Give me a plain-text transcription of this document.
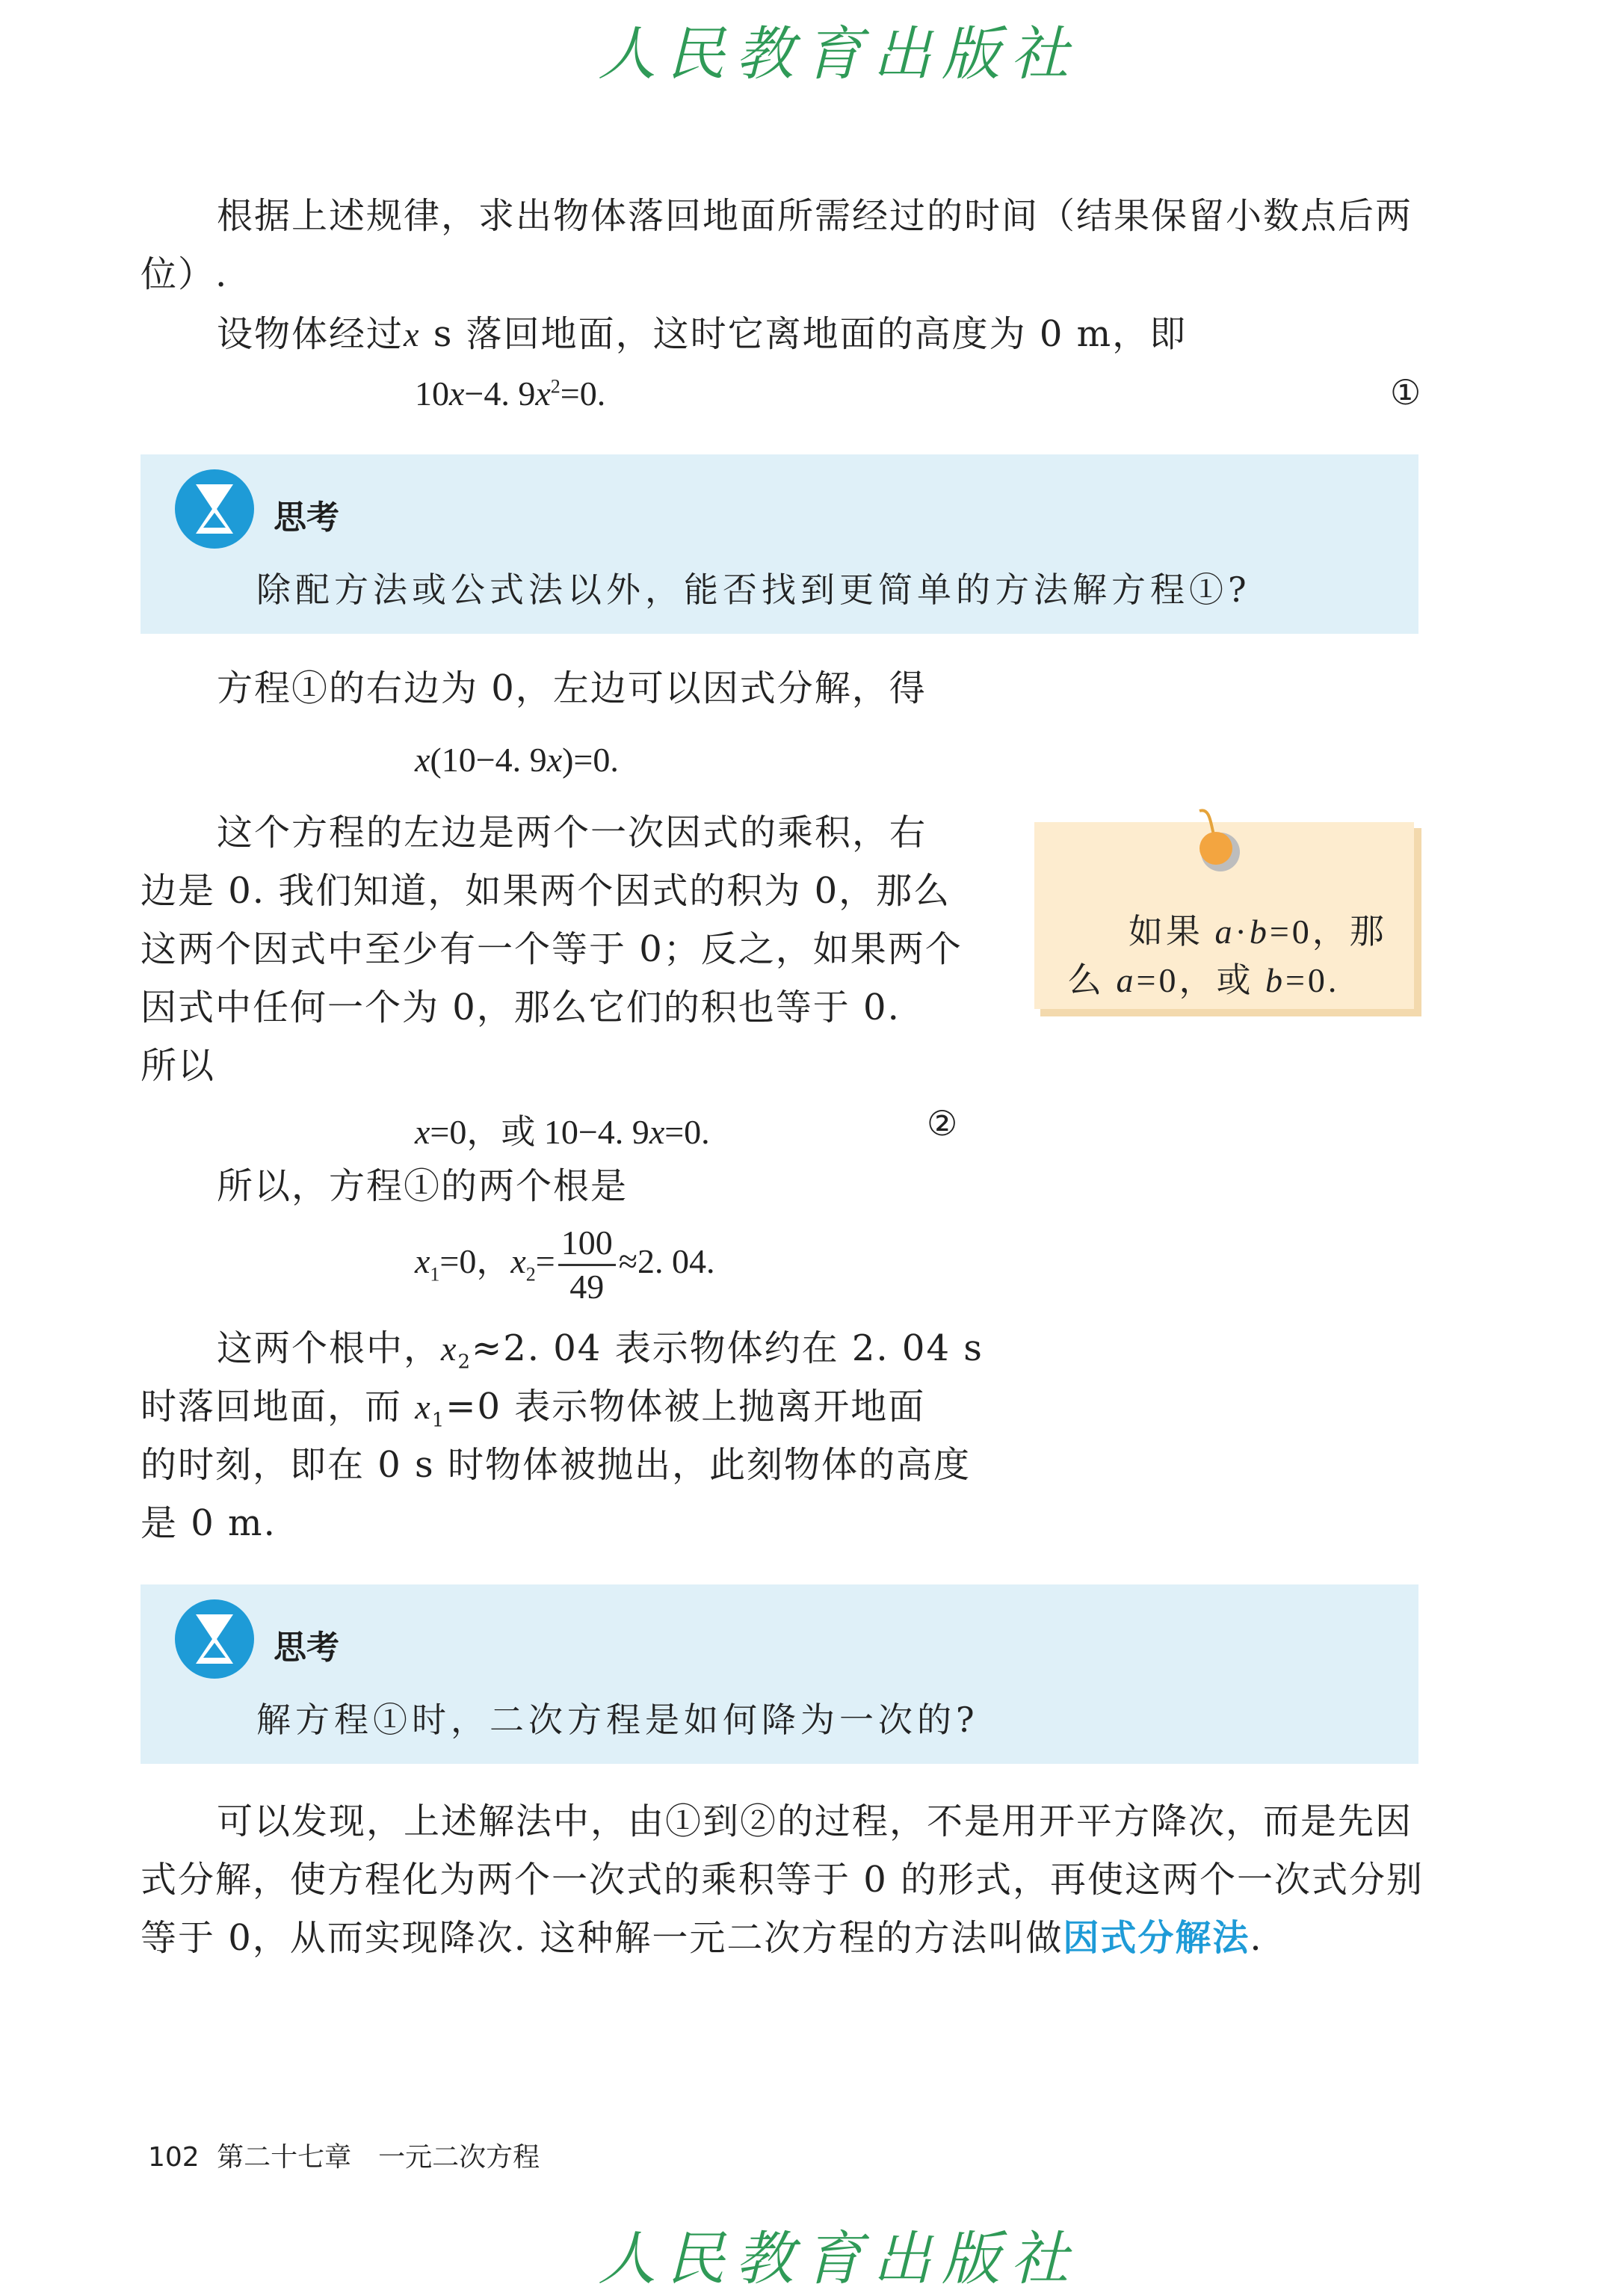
人民教育出版社
根据上述规律，求出物体落回地面所需经过的时间（结果保留小数点后两
位）.
设物体经过x s 落回地面，这时它离地面的高度为 0 m，即
10x−4. $9x^2=0$.	①
思考
除配方法或公式法以外，能否找到更简单的方法解方程①?
方程①的右边为 0，左边可以因式分解，得
x(10−4. 9x)=0.
这个方程的左边是两个一次因式的乘积，右
边是 0. 我们知道，如果两个因式的积为 0，那么
这两个因式中至少有一个等于 0；反之，如果两个
因式中任何一个为 0，那么它们的积也等于 0.
所以
如果 a·b=0，那
么 a=0，或 b=0.
x=0，或 10−4. 9x=0.	②
所以，方程①的两个根是
$x_1=0$，$x_2= \frac{100}{49} \approx 2$. 04.
这两个根中，$x_2\approx 2$. 04 表示物体约在 2. 04 s
时落回地面，而 $x_1=0$ 表示物体被上抛离开地面
的时刻，即在 0 s 时物体被抛出，此刻物体的高度
是 0 m.
思考
解方程①时，二次方程是如何降为一次的?
可以发现，上述解法中，由①到②的过程，不是用开平方降次，而是先因
式分解，使方程化为两个一次式的乘积等于 0 的形式，再使这两个一次式分别
等于 0，从而实现降次. 这种解一元二次方程的方法叫做因式分解法.
102 第二十七章　一元二次方程
人民教育出版社
